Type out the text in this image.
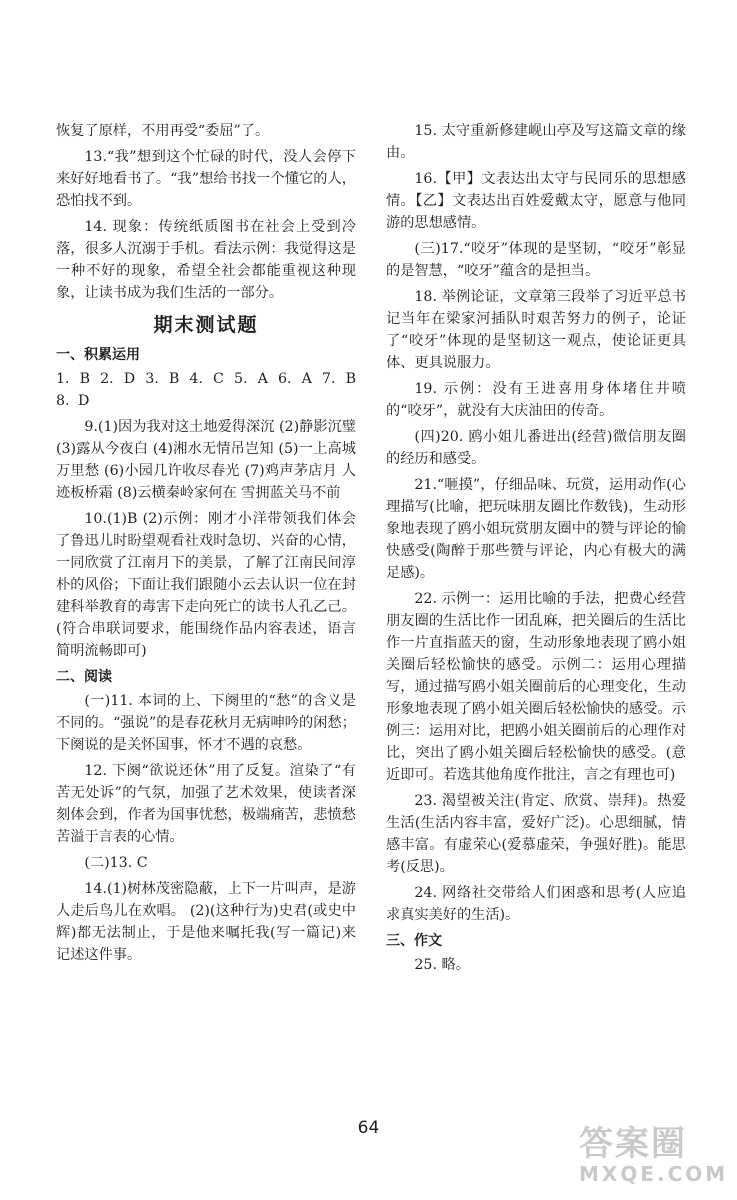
恢复了原样，不用再受“委屈”了。

13.“我”想到这个忙碌的时代，没人会停下来好好地看书了。“我”想给书找一个懂它的人，恐怕找不到。

14. 现象：传统纸质图书在社会上受到冷落，很多人沉溺于手机。看法示例：我觉得这是一种不好的现象，希望全社会都能重视这种现象，让读书成为我们生活的一部分。

期末测试题
一、积累运用

1. B 2. D 3. B 4. C 5. A 6. A 7. B 8. D

9.(1)因为我对这土地爱得深沉 (2)静影沉璧 (3)露从今夜白 (4)湘水无情吊岂知 (5)一上高城万里愁 (6)小园几许收尽春光 (7)鸡声茅店月 人迹板桥霜 (8)云横秦岭家何在 雪拥蓝关马不前

10.(1)B (2)示例：刚才小洋带领我们体会了鲁迅儿时盼望观看社戏时急切、兴奋的心情，一同欣赏了江南月下的美景，了解了江南民间淳朴的风俗；下面让我们跟随小云去认识一位在封建科举教育的毒害下走向死亡的读书人孔乙己。(符合串联词要求，能围绕作品内容表述，语言简明流畅即可)

二、阅读

(一)11. 本词的上、下阕里的“愁”的含义是不同的。“强说”的是春花秋月无病呻吟的闲愁；下阕说的是关怀国事，怀才不遇的哀愁。

12. 下阕“欲说还休”用了反复。渲染了“有苦无处诉”的气氛，加强了艺术效果，使读者深刻体会到，作者为国事忧愁，极端痛苦，悲愤愁苦溢于言表的心情。

(二)13. C

14.(1)树林茂密隐蔽，上下一片叫声，是游人走后鸟儿在欢唱。 (2)(这种行为)史君(或史中辉)都无法制止，于是他来嘱托我(写一篇记)来记述这件事。

15. 太守重新修建岘山亭及写这篇文章的缘由。

16.【甲】文表达出太守与民同乐的思想感情。【乙】文表达出百姓爱戴太守，愿意与他同游的思想感情。

(三)17.“咬牙”体现的是坚韧，“咬牙”彰显的是智慧，“咬牙”蕴含的是担当。

18. 举例论证，文章第三段举了习近平总书记当年在梁家河插队时艰苦努力的例子，论证了“咬牙”体现的是坚韧这一观点，使论证更具体、更具说服力。

19. 示例：没有王进喜用身体堵住井喷的“咬牙”，就没有大庆油田的传奇。

(四)20. 鸥小姐儿番进出(经营)微信朋友圈的经历和感受。

21.“咂摸”，仔细品味、玩赏，运用动作(心理描写(比喻，把玩味朋友圈比作数钱)，生动形象地表现了鸥小姐玩赏朋友圈中的赞与评论的愉快感受(陶醉于那些赞与评论，内心有极大的满足感)。

22. 示例一：运用比喻的手法，把费心经营朋友圈的生活比作一团乱麻，把关圈后的生活比作一片直指蓝天的窗，生动形象地表现了鸥小姐关圈后轻松愉快的感受。示例二：运用心理描写，通过描写鸥小姐关圈前后的心理变化，生动形象地表现了鸥小姐关圈后轻松愉快的感受。示例三：运用对比，把鸥小姐关圈前后的心理作对比，突出了鸥小姐关圈后轻松愉快的感受。(意近即可。若选其他角度作批注，言之有理也可)

23. 渴望被关注(肯定、欣赏、崇拜)。热爱生活(生活内容丰富，爱好广泛)。心思细腻，情感丰富。有虚荣心(爱慕虚荣，争强好胜)。能思考(反思)。

24. 网络社交带给人们困惑和思考(人应追求真实美好的生活)。

三、作文

25. 略。

64	答案圈
MXQE.COM
